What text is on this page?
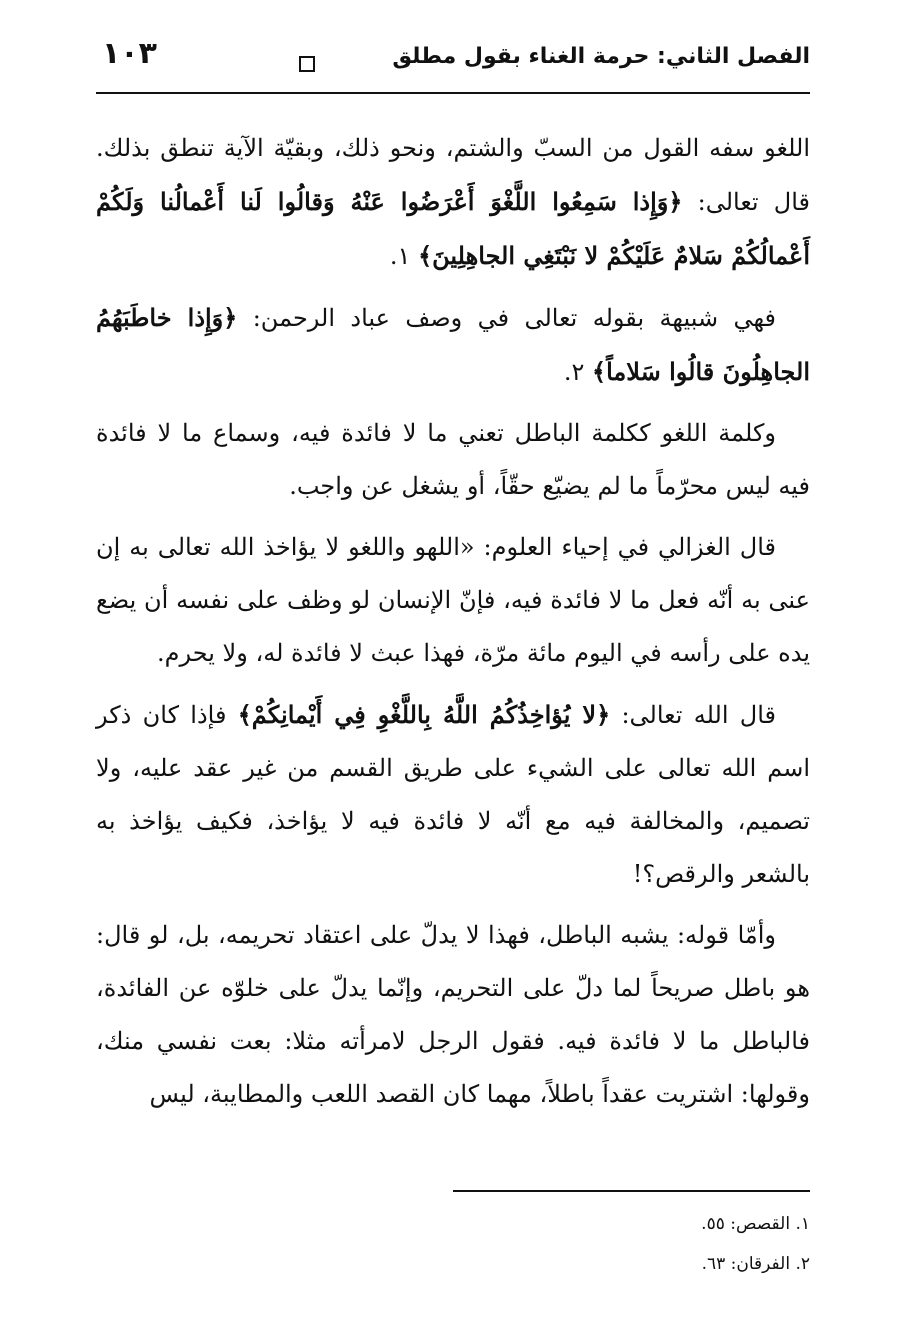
الفصل الثاني: حرمة الغناء بقول مطلق
١٠٣

اللغو سفه القول من السبّ والشتم، ونحو ذلك، وبقيّة الآية تنطق بذلك. قال تعالى: ﴿وَإِذا سَمِعُوا اللَّغْوَ أَعْرَضُوا عَنْهُ وَقالُوا لَنا أَعْمالُنا وَلَكُمْ أَعْمالُكُمْ سَلامٌ عَلَيْكُمْ لا نَبْتَغِي الجاهِلِينَ﴾ ١.

فهي شبيهة بقوله تعالى في وصف عباد الرحمن: ﴿وَإِذا خاطَبَهُمُ الجاهِلُونَ قالُوا سَلاماً﴾ ٢.

وكلمة اللغو ككلمة الباطل تعني ما لا فائدة فيه، وسماع ما لا فائدة فيه ليس محرّماً ما لم يضيّع حقّاً، أو يشغل عن واجب.

قال الغزالي في إحياء العلوم: «اللهو واللغو لا يؤاخذ الله تعالى به إن عنى به أنّه فعل ما لا فائدة فيه، فإنّ الإنسان لو وظف على نفسه أن يضع يده على رأسه في اليوم مائة مرّة، فهذا عبث لا فائدة له، ولا يحرم.

قال الله تعالى: ﴿لا يُؤاخِذُكُمُ اللَّهُ بِاللَّغْوِ فِي أَيْمانِكُمْ﴾ فإذا كان ذكر اسم الله تعالى على الشيء على طريق القسم من غير عقد عليه، ولا تصميم، والمخالفة فيه مع أنّه لا فائدة فيه لا يؤاخذ، فكيف يؤاخذ به بالشعر والرقص؟!

وأمّا قوله: يشبه الباطل، فهذا لا يدلّ على اعتقاد تحريمه، بل، لو قال: هو باطل صريحاً لما دلّ على التحريم، وإنّما يدلّ على خلوّه عن الفائدة، فالباطل ما لا فائدة فيه. فقول الرجل لامرأته مثلا: بعت نفسي منك، وقولها: اشتريت عقداً باطلاً، مهما كان القصد اللعب والمطايبة، ليس

١. القصص: ٥٥.
٢. الفرقان: ٦٣.
